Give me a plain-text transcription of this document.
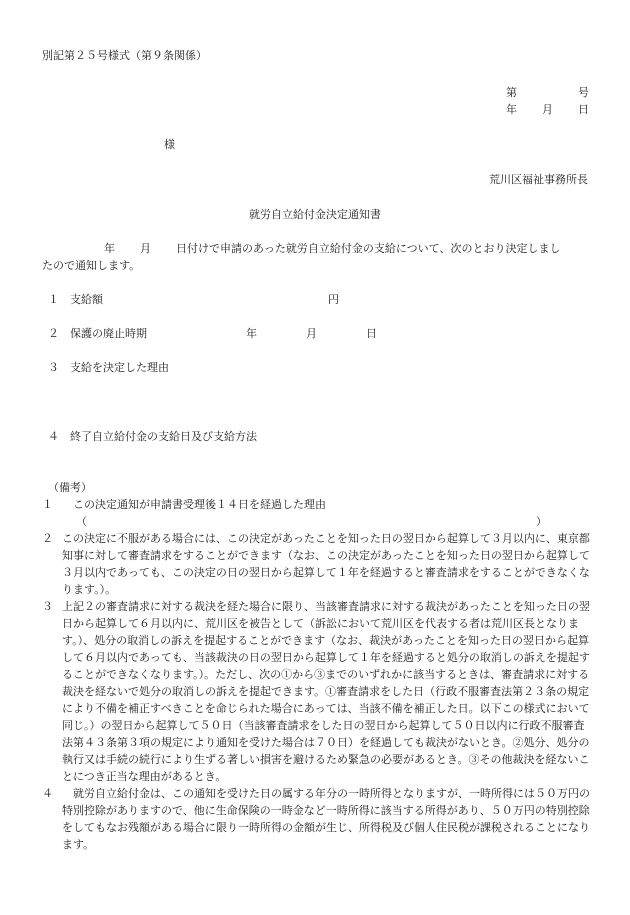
別記第２５号様式（第９条関係）
第	号
年 月 日
様
荒川区福祉事務所長
就労自立給付金決定通知書
年 月 日付けで申請のあった就労自立給付金の支給について、次のとおり決定しまし
たので通知します。
１ 支給額	円
２ 保護の廃止時期	年	月	日
３ 支給を決定した理由
４ 終了自立給付金の支給日及び支給方法
（備考）
１ 　この決定通知が申請書受理後１４日を経過した理由
（	）
２ この決定に不服がある場合には、この決定があったことを知った日の翌日から起算して３月以内に、東京都知事に対して審査請求をすることができます（なお、この決定があったことを知った日の翌日から起算して３月以内であっても、この決定の日の翌日から起算して１年を経過すると審査請求をすることができなくなります。）。
３ 上記２の審査請求に対する裁決を経た場合に限り、当該審査請求に対する裁決があったことを知った日の翌日から起算して６月以内に、荒川区を被告として（訴訟において荒川区を代表する者は荒川区長となります。）、処分の取消しの訴えを提起することができます（なお、裁決があったことを知った日の翌日から起算して６月以内であっても、当該裁決の日の翌日から起算して１年を経過すると処分の取消しの訴えを提起することができなくなります。）。ただし、次の①から③までのいずれかに該当するときは、審査請求に対する裁決を経ないで処分の取消しの訴えを提起できます。①審査請求をした日（行政不服審査法第２３条の規定により不備を補正すべきことを命じられた場合にあっては、当該不備を補正した日。以下この様式において同じ。）の翌日から起算して５０日（当該審査請求をした日の翌日から起算して５０日以内に行政不服審査法第４３条第３項の規定により通知を受けた場合は７０日）を経過しても裁決がないとき。②処分、処分の執行又は手続の続行により生ずる著しい損害を避けるため緊急の必要があるとき。③その他裁決を経ないことにつき正当な理由があるとき。
４ 　就労自立給付金は、この通知を受けた日の属する年分の一時所得となりますが、一時所得には５０万円の特別控除がありますので、他に生命保険の一時金など一時所得に該当する所得があり、５０万円の特別控除をしてもなお残額がある場合に限り一時所得の金額が生じ、所得税及び個人住民税が課税されることになります。
